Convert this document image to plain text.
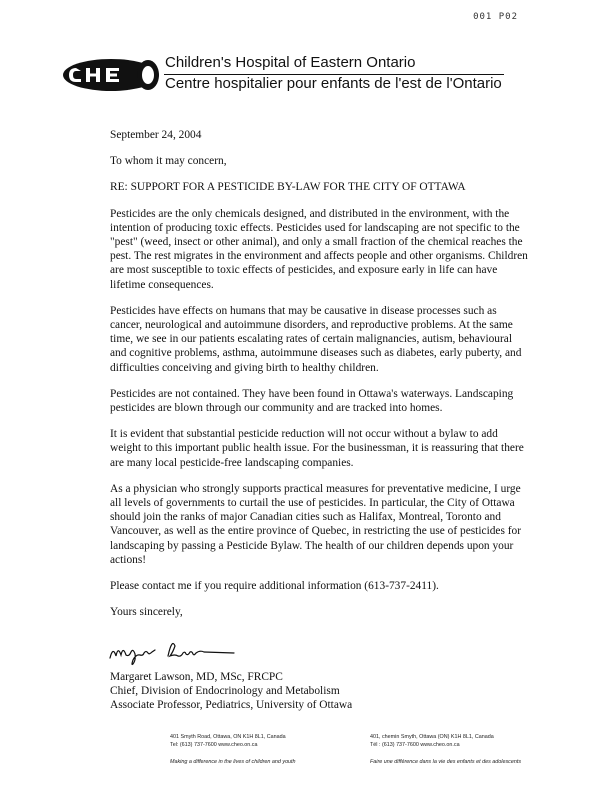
001 P02
Children's Hospital of Eastern Ontario
Centre hospitalier pour enfants de l'est de l'Ontario

September 24, 2004

To whom it may concern,

RE: SUPPORT FOR A PESTICIDE BY-LAW FOR THE CITY OF OTTAWA

Pesticides are the only chemicals designed, and distributed in the environment, with the intention of producing toxic effects. Pesticides used for landscaping are not specific to the "pest" (weed, insect or other animal), and only a small fraction of the chemical reaches the pest. The rest migrates in the environment and affects people and other organisms. Children are most susceptible to toxic effects of pesticides, and exposure early in life can have lifetime consequences.

Pesticides have effects on humans that may be causative in disease processes such as cancer, neurological and autoimmune disorders, and reproductive problems. At the same time, we see in our patients escalating rates of certain malignancies, autism, behavioural and cognitive problems, asthma, autoimmune diseases such as diabetes, early puberty, and difficulties conceiving and giving birth to healthy children.

Pesticides are not contained. They have been found in Ottawa's waterways. Landscaping pesticides are blown through our community and are tracked into homes.

It is evident that substantial pesticide reduction will not occur without a bylaw to add weight to this important public health issue. For the businessman, it is reassuring that there are many local pesticide-free landscaping companies.

As a physician who strongly supports practical measures for preventative medicine, I urge all levels of governments to curtail the use of pesticides. In particular, the City of Ottawa should join the ranks of major Canadian cities such as Halifax, Montreal, Toronto and Vancouver, as well as the entire province of Quebec, in restricting the use of pesticides for landscaping by passing a Pesticide Bylaw. The health of our children depends upon your actions!

Please contact me if you require additional information (613-737-2411).

Yours sincerely,

Margaret Lawson, MD, MSc, FRCPC
Chief, Division of Endocrinology and Metabolism
Associate Professor, Pediatrics, University of Ottawa
401 Smyth Road, Ottawa, ON K1H 8L1, Canada
Tel: (613) 737-7600 www.cheo.on.ca
Making a difference in the lives of children and youth
401, chemin Smyth, Ottawa (ON) K1H 8L1, Canada
Tél : (613) 737-7600 www.cheo.on.ca
Faire une différence dans la vie des enfants et des adolescents
